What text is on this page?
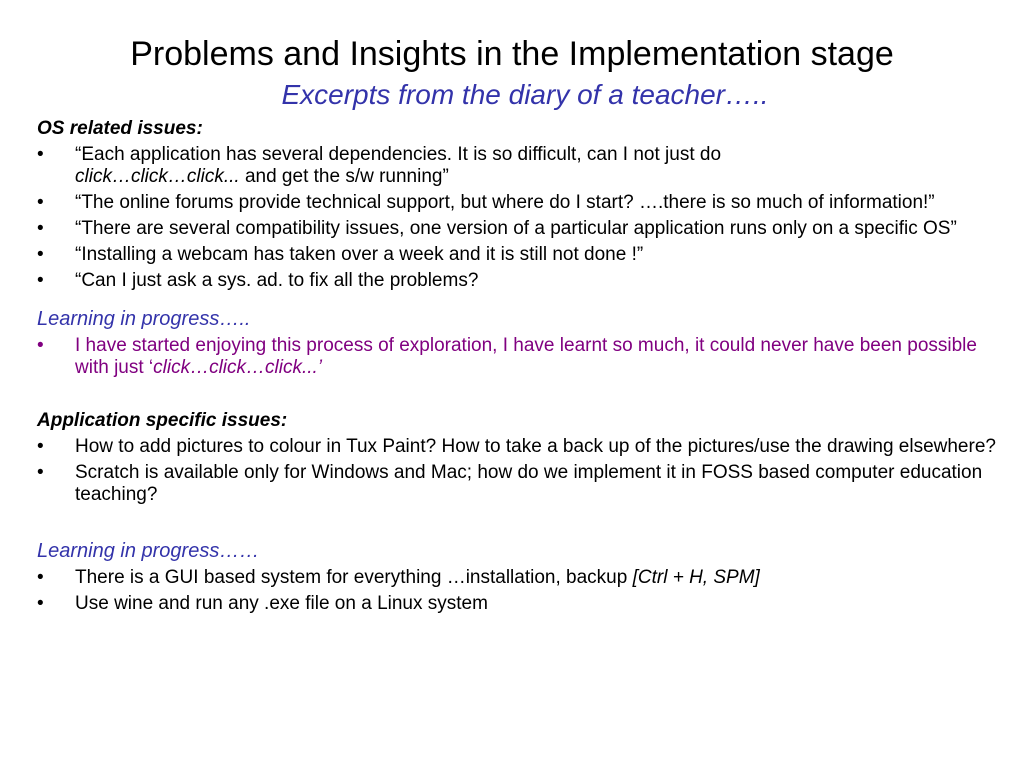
Problems and Insights in the Implementation stage
Excerpts from the diary of a teacher…..
OS related issues:
• “Each application has several dependencies. It is so difficult, can I not just do
click…click…click... and get the s/w running”
• “The online forums provide technical support, but where do I start? ….there is so much of information!”
• “There are several compatibility issues, one version of a particular application runs only on a specific OS”
• “Installing a webcam has taken over a week and it is still not done !”
• “Can I just ask a sys. ad. to fix all the problems?
Learning in progress…..
• I have started enjoying this process of exploration, I have learnt so much, it could never have been possible with just ‘click…click…click...’
Application specific issues:
• How to add pictures to colour in Tux Paint? How to take a back up of the pictures/use the drawing elsewhere?
• Scratch is available only for Windows and Mac; how do we implement it in FOSS based computer education teaching?
Learning in progress……
• There is a GUI based system for everything …installation, backup [Ctrl + H, SPM]
• Use wine and run any .exe file on a Linux system
